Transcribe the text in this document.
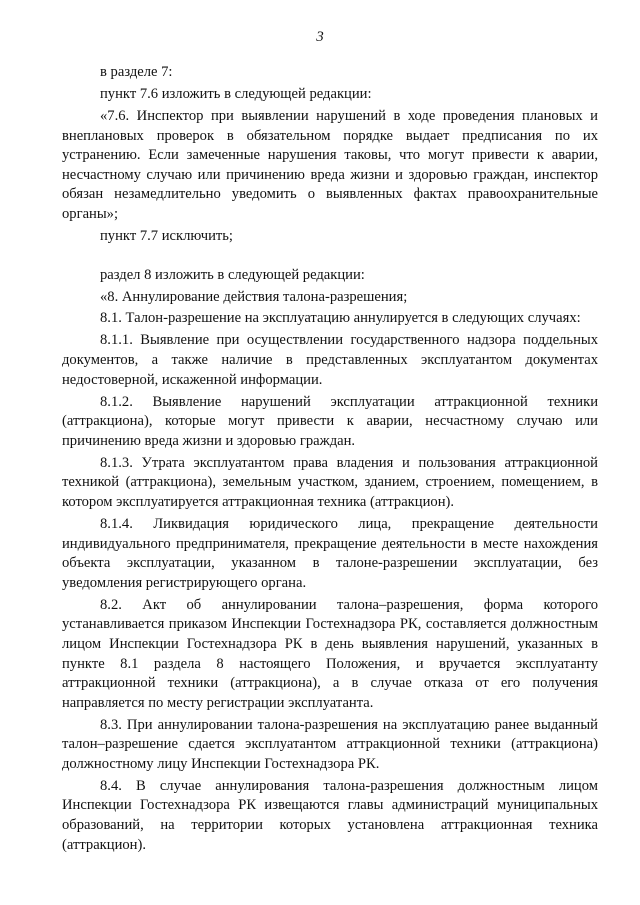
3

в разделе 7:

пункт 7.6 изложить в следующей редакции:

«7.6. Инспектор при выявлении нарушений в ходе проведения плановых и внеплановых проверок в обязательном порядке выдает предписания по их устранению. Если замеченные нарушения таковы, что могут привести к аварии, несчастному случаю или причинению вреда жизни и здоровью граждан, инспектор обязан незамедлительно уведомить о выявленных фактах правоохранительные органы»;

пункт 7.7 исключить;

раздел 8 изложить в следующей редакции:

«8. Аннулирование действия талона-разрешения;

8.1. Талон-разрешение на эксплуатацию аннулируется в следующих случаях:

8.1.1. Выявление при осуществлении государственного надзора поддельных документов, а также наличие в представленных эксплуатантом документах недостоверной, искаженной информации.

8.1.2. Выявление нарушений эксплуатации аттракционной техники (аттракциона), которые могут привести к аварии, несчастному случаю или причинению вреда жизни и здоровью граждан.

8.1.3. Утрата эксплуатантом права владения и пользования аттракционной техникой (аттракциона), земельным участком, зданием, строением, помещением, в котором эксплуатируется аттракционная техника (аттракцион).

8.1.4. Ликвидация юридического лица, прекращение деятельности индивидуального предпринимателя, прекращение деятельности в месте нахождения объекта эксплуатации, указанном в талоне-разрешении эксплуатации, без уведомления регистрирующего органа.

8.2. Акт об аннулировании талона–разрешения, форма которого устанавливается приказом Инспекции Гостехнадзора РК, составляется должностным лицом Инспекции Гостехнадзора РК в день выявления нарушений, указанных в пункте 8.1 раздела 8 настоящего Положения, и вручается эксплуатанту аттракционной техники (аттракциона), а в случае отказа от его получения направляется по месту регистрации эксплуатанта.

8.3. При аннулировании талона-разрешения на эксплуатацию ранее выданный талон–разрешение сдается эксплуатантом аттракционной техники (аттракциона) должностному лицу Инспекции Гостехнадзора РК.

8.4. В случае аннулирования талона-разрешения должностным лицом Инспекции Гостехнадзора РК извещаются главы администраций муниципальных образований, на территории которых установлена аттракционная техника (аттракцион).
